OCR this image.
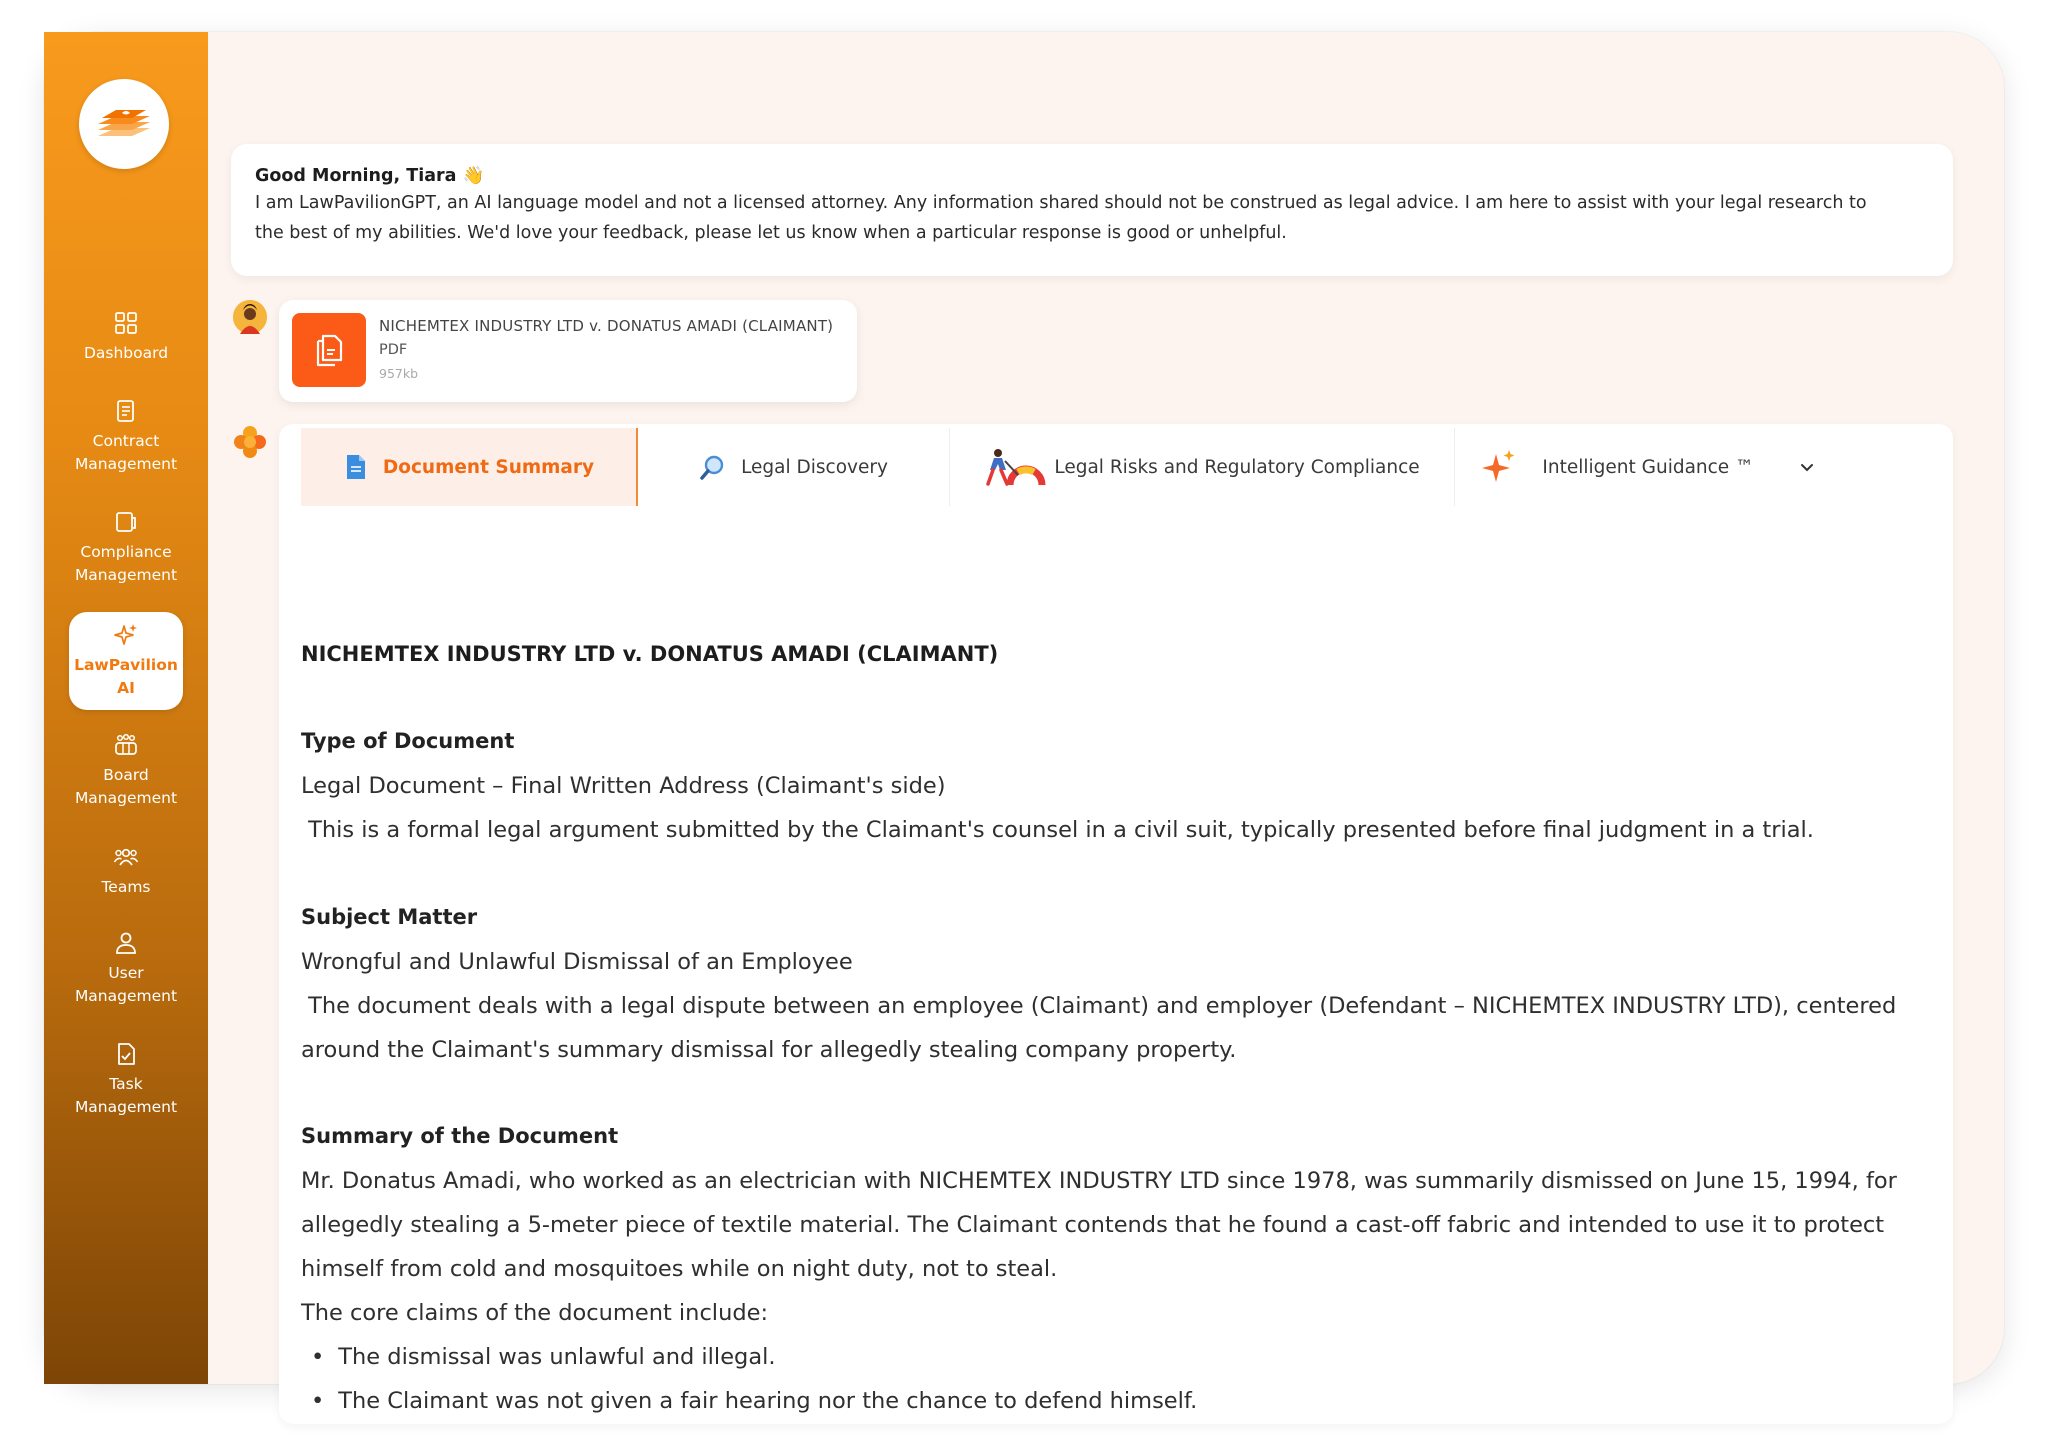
Dashboard
Contract
Management
Compliance
Management
LawPavilion
AI
Board
Management
Teams
User
Management
Task
Management
Good Morning, Tiara 👋
I am LawPavilionGPT, an AI language model and not a licensed attorney. Any information shared should not be construed as legal advice. I am here to assist with your legal research to
the best of my abilities. We'd love your feedback, please let us know when a particular response is good or unhelpful.
NICHEMTEX INDUSTRY LTD v. DONATUS AMADI (CLAIMANT)
PDF
957kb
Document Summary	Legal Discovery	Legal Risks and Regulatory Compliance	Intelligent Guidance ™
NICHEMTEX INDUSTRY LTD v. DONATUS AMADI (CLAIMANT)
Type of Document
Legal Document – Final Written Address (Claimant's side)
This is a formal legal argument submitted by the Claimant's counsel in a civil suit, typically presented before final judgment in a trial.
Subject Matter
Wrongful and Unlawful Dismissal of an Employee
The document deals with a legal dispute between an employee (Claimant) and employer (Defendant – NICHEMTEX INDUSTRY LTD), centered
around the Claimant's summary dismissal for allegedly stealing company property.
Summary of the Document
Mr. Donatus Amadi, who worked as an electrician with NICHEMTEX INDUSTRY LTD since 1978, was summarily dismissed on June 15, 1994, for
allegedly stealing a 5-meter piece of textile material. The Claimant contends that he found a cast-off fabric and intended to use it to protect
himself from cold and mosquitoes while on night duty, not to steal.
The core claims of the document include:
• The dismissal was unlawful and illegal.
• The Claimant was not given a fair hearing nor the chance to defend himself.
